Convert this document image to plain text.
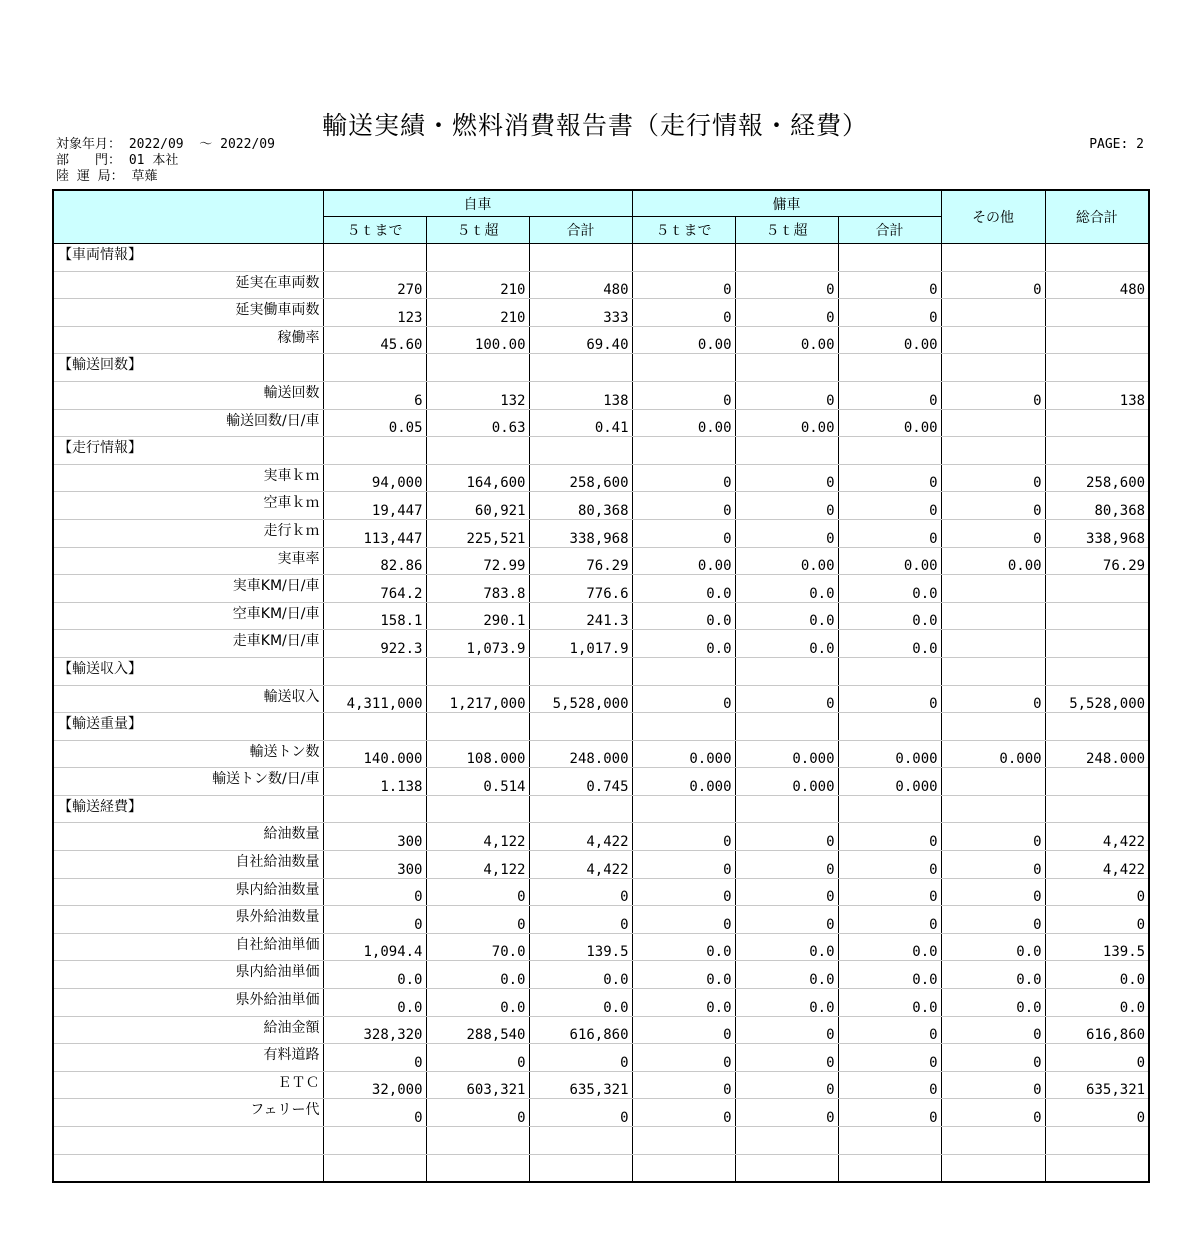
輸送実績・燃料消費報告書（走行情報・経費）
対象年月： 2022/09 ～ 2022/09
部　　門： 01 本社
陸 運 局： 草薙
PAGE: 2
	自車			傭車			その他	総合計
	５ｔまで	５ｔ超	合計	５ｔまで	５ｔ超	合計		
【車両情報】								
延実在車両数	270	210	480	0	0	0	0	480
延実働車両数	123	210	333	0	0	0		
稼働率	45.60	100.00	69.40	0.00	0.00	0.00		
【輸送回数】								
輸送回数	6	132	138	0	0	0	0	138
輸送回数/日/車	0.05	0.63	0.41	0.00	0.00	0.00		
【走行情報】								
実車ｋｍ	94,000	164,600	258,600	0	0	0	0	258,600
空車ｋｍ	19,447	60,921	80,368	0	0	0	0	80,368
走行ｋｍ	113,447	225,521	338,968	0	0	0	0	338,968
実車率	82.86	72.99	76.29	0.00	0.00	0.00	0.00	76.29
実車KM/日/車	764.2	783.8	776.6	0.0	0.0	0.0		
空車KM/日/車	158.1	290.1	241.3	0.0	0.0	0.0		
走車KM/日/車	922.3	1,073.9	1,017.9	0.0	0.0	0.0		
【輸送収入】								
輸送収入	4,311,000	1,217,000	5,528,000	0	0	0	0	5,528,000
【輸送重量】								
輸送トン数	140.000	108.000	248.000	0.000	0.000	0.000	0.000	248.000
輸送トン数/日/車	1.138	0.514	0.745	0.000	0.000	0.000		
【輸送経費】								
給油数量	300	4,122	4,422	0	0	0	0	4,422
自社給油数量	300	4,122	4,422	0	0	0	0	4,422
県内給油数量	0	0	0	0	0	0	0	0
県外給油数量	0	0	0	0	0	0	0	0
自社給油単価	1,094.4	70.0	139.5	0.0	0.0	0.0	0.0	139.5
県内給油単価	0.0	0.0	0.0	0.0	0.0	0.0	0.0	0.0
県外給油単価	0.0	0.0	0.0	0.0	0.0	0.0	0.0	0.0
給油金額	328,320	288,540	616,860	0	0	0	0	616,860
有料道路	0	0	0	0	0	0	0	0
ＥＴＣ	32,000	603,321	635,321	0	0	0	0	635,321
フェリー代	0	0	0	0	0	0	0	0
